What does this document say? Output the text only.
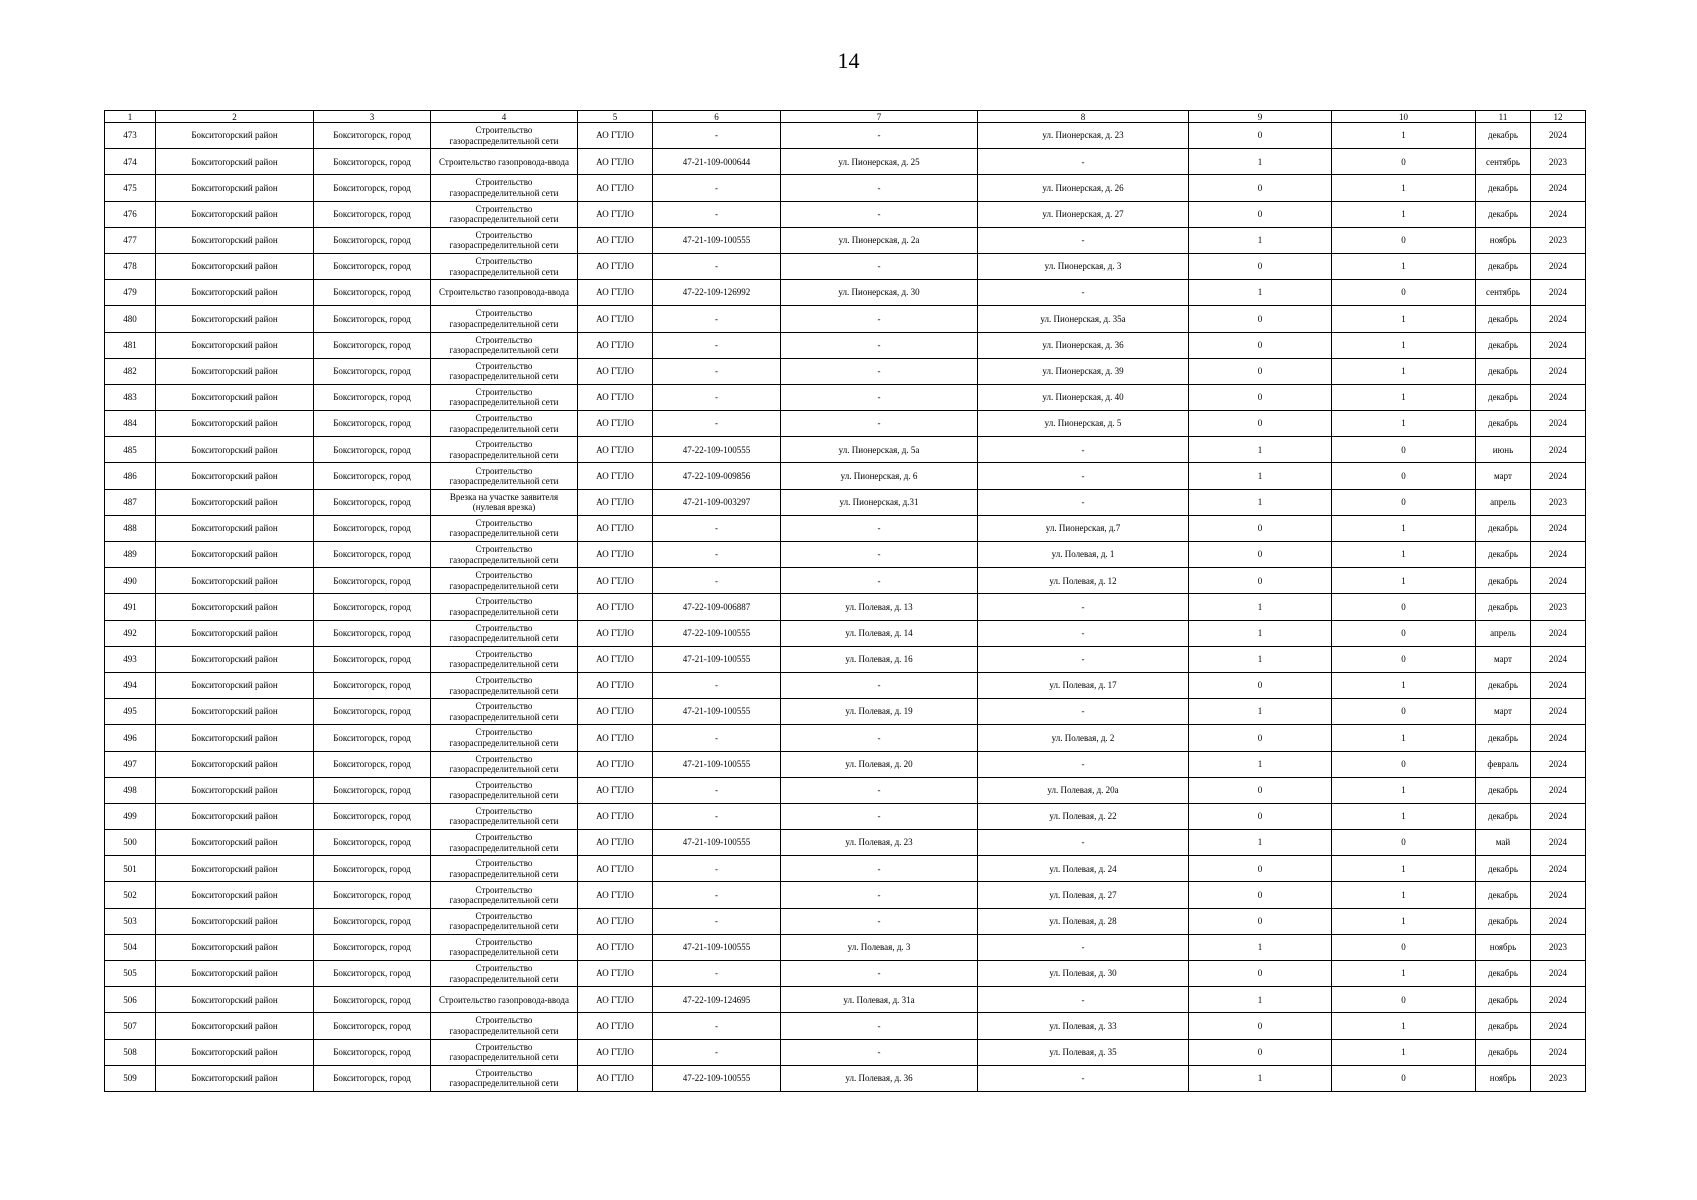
14
1	2	3	4	5	6	7	8	9	10	11	12
473	Бокситогорский район	Бокситогорск, город	Строительство газораспределительной сети	АО ГТЛО	-	-	ул. Пионерская, д. 23	0	1	декабрь	2024
474	Бокситогорский район	Бокситогорск, город	Строительство газопровода-ввода	АО ГТЛО	47-21-109-000644	ул. Пионерская, д. 25	-	1	0	сентябрь	2023
475	Бокситогорский район	Бокситогорск, город	Строительство газораспределительной сети	АО ГТЛО	-	-	ул. Пионерская, д. 26	0	1	декабрь	2024
476	Бокситогорский район	Бокситогорск, город	Строительство газораспределительной сети	АО ГТЛО	-	-	ул. Пионерская, д. 27	0	1	декабрь	2024
477	Бокситогорский район	Бокситогорск, город	Строительство газораспределительной сети	АО ГТЛО	47-21-109-100555	ул. Пионерская, д. 2а	-	1	0	ноябрь	2023
478	Бокситогорский район	Бокситогорск, город	Строительство газораспределительной сети	АО ГТЛО	-	-	ул. Пионерская, д. 3	0	1	декабрь	2024
479	Бокситогорский район	Бокситогорск, город	Строительство газопровода-ввода	АО ГТЛО	47-22-109-126992	ул. Пионерская, д. 30	-	1	0	сентябрь	2024
480	Бокситогорский район	Бокситогорск, город	Строительство газораспределительной сети	АО ГТЛО	-	-	ул. Пионерская, д. 35а	0	1	декабрь	2024
481	Бокситогорский район	Бокситогорск, город	Строительство газораспределительной сети	АО ГТЛО	-	-	ул. Пионерская, д. 36	0	1	декабрь	2024
482	Бокситогорский район	Бокситогорск, город	Строительство газораспределительной сети	АО ГТЛО	-	-	ул. Пионерская, д. 39	0	1	декабрь	2024
483	Бокситогорский район	Бокситогорск, город	Строительство газораспределительной сети	АО ГТЛО	-	-	ул. Пионерская, д. 40	0	1	декабрь	2024
484	Бокситогорский район	Бокситогорск, город	Строительство газораспределительной сети	АО ГТЛО	-	-	ул. Пионерская, д. 5	0	1	декабрь	2024
485	Бокситогорский район	Бокситогорск, город	Строительство газораспределительной сети	АО ГТЛО	47-22-109-100555	ул. Пионерская, д. 5а	-	1	0	июнь	2024
486	Бокситогорский район	Бокситогорск, город	Строительство газораспределительной сети	АО ГТЛО	47-22-109-009856	ул. Пионерская, д. 6	-	1	0	март	2024
487	Бокситогорский район	Бокситогорск, город	Врезка на участке заявителя (нулевая врезка)	АО ГТЛО	47-21-109-003297	ул. Пионерская, д.31	-	1	0	апрель	2023
488	Бокситогорский район	Бокситогорск, город	Строительство газораспределительной сети	АО ГТЛО	-	-	ул. Пионерская, д.7	0	1	декабрь	2024
489	Бокситогорский район	Бокситогорск, город	Строительство газораспределительной сети	АО ГТЛО	-	-	ул. Полевая, д. 1	0	1	декабрь	2024
490	Бокситогорский район	Бокситогорск, город	Строительство газораспределительной сети	АО ГТЛО	-	-	ул. Полевая, д. 12	0	1	декабрь	2024
491	Бокситогорский район	Бокситогорск, город	Строительство газораспределительной сети	АО ГТЛО	47-22-109-006887	ул. Полевая, д. 13	-	1	0	декабрь	2023
492	Бокситогорский район	Бокситогорск, город	Строительство газораспределительной сети	АО ГТЛО	47-22-109-100555	ул. Полевая, д. 14	-	1	0	апрель	2024
493	Бокситогорский район	Бокситогорск, город	Строительство газораспределительной сети	АО ГТЛО	47-21-109-100555	ул. Полевая, д. 16	-	1	0	март	2024
494	Бокситогорский район	Бокситогорск, город	Строительство газораспределительной сети	АО ГТЛО	-	-	ул. Полевая, д. 17	0	1	декабрь	2024
495	Бокситогорский район	Бокситогорск, город	Строительство газораспределительной сети	АО ГТЛО	47-21-109-100555	ул. Полевая, д. 19	-	1	0	март	2024
496	Бокситогорский район	Бокситогорск, город	Строительство газораспределительной сети	АО ГТЛО	-	-	ул. Полевая, д. 2	0	1	декабрь	2024
497	Бокситогорский район	Бокситогорск, город	Строительство газораспределительной сети	АО ГТЛО	47-21-109-100555	ул. Полевая, д. 20	-	1	0	февраль	2024
498	Бокситогорский район	Бокситогорск, город	Строительство газораспределительной сети	АО ГТЛО	-	-	ул. Полевая, д. 20а	0	1	декабрь	2024
499	Бокситогорский район	Бокситогорск, город	Строительство газораспределительной сети	АО ГТЛО	-	-	ул. Полевая, д. 22	0	1	декабрь	2024
500	Бокситогорский район	Бокситогорск, город	Строительство газораспределительной сети	АО ГТЛО	47-21-109-100555	ул. Полевая, д. 23	-	1	0	май	2024
501	Бокситогорский район	Бокситогорск, город	Строительство газораспределительной сети	АО ГТЛО	-	-	ул. Полевая, д. 24	0	1	декабрь	2024
502	Бокситогорский район	Бокситогорск, город	Строительство газораспределительной сети	АО ГТЛО	-	-	ул. Полевая, д. 27	0	1	декабрь	2024
503	Бокситогорский район	Бокситогорск, город	Строительство газораспределительной сети	АО ГТЛО	-	-	ул. Полевая, д. 28	0	1	декабрь	2024
504	Бокситогорский район	Бокситогорск, город	Строительство газораспределительной сети	АО ГТЛО	47-21-109-100555	ул. Полевая, д. 3	-	1	0	ноябрь	2023
505	Бокситогорский район	Бокситогорск, город	Строительство газораспределительной сети	АО ГТЛО	-	-	ул. Полевая, д. 30	0	1	декабрь	2024
506	Бокситогорский район	Бокситогорск, город	Строительство газопровода-ввода	АО ГТЛО	47-22-109-124695	ул. Полевая, д. 31а	-	1	0	декабрь	2024
507	Бокситогорский район	Бокситогорск, город	Строительство газораспределительной сети	АО ГТЛО	-	-	ул. Полевая, д. 33	0	1	декабрь	2024
508	Бокситогорский район	Бокситогорск, город	Строительство газораспределительной сети	АО ГТЛО	-	-	ул. Полевая, д. 35	0	1	декабрь	2024
509	Бокситогорский район	Бокситогорск, город	Строительство газораспределительной сети	АО ГТЛО	47-22-109-100555	ул. Полевая, д. 36	-	1	0	ноябрь	2023
